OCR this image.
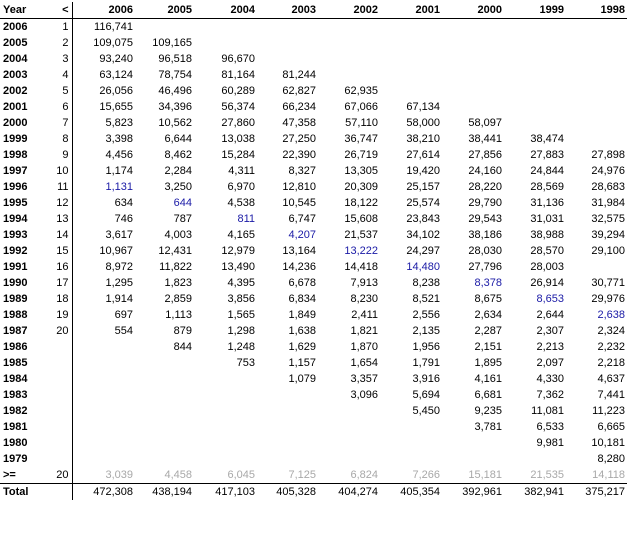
Year	<	2006	2005	2004	2003	2002	2001	2000	1999	1998
2006	1	116,741								
2005	2	109,075	109,165							
2004	3	93,240	96,518	96,670						
2003	4	63,124	78,754	81,164	81,244					
2002	5	26,056	46,496	60,289	62,827	62,935				
2001	6	15,655	34,396	56,374	66,234	67,066	67,134			
2000	7	5,823	10,562	27,860	47,358	57,110	58,000	58,097		
1999	8	3,398	6,644	13,038	27,250	36,747	38,210	38,441	38,474	
1998	9	4,456	8,462	15,284	22,390	26,719	27,614	27,856	27,883	27,898
1997	10	1,174	2,284	4,311	8,327	13,305	19,420	24,160	24,844	24,976
1996	11	1,131	3,250	6,970	12,810	20,309	25,157	28,220	28,569	28,683
1995	12	634	644	4,538	10,545	18,122	25,574	29,790	31,136	31,984
1994	13	746	787	811	6,747	15,608	23,843	29,543	31,031	32,575
1993	14	3,617	4,003	4,165	4,207	21,537	34,102	38,186	38,988	39,294
1992	15	10,967	12,431	12,979	13,164	13,222	24,297	28,030	28,570	29,100
1991	16	8,972	11,822	13,490	14,236	14,418	14,480	27,796	28,003	
1990	17	1,295	1,823	4,395	6,678	7,913	8,238	8,378	26,914	30,771
1989	18	1,914	2,859	3,856	6,834	8,230	8,521	8,675	8,653	29,976
1988	19	697	1,113	1,565	1,849	2,411	2,556	2,634	2,644	2,638
1987	20	554	879	1,298	1,638	1,821	2,135	2,287	2,307	2,324
1986			844	1,248	1,629	1,870	1,956	2,151	2,213	2,232
1985				753	1,157	1,654	1,791	1,895	2,097	2,218
1984					1,079	3,357	3,916	4,161	4,330	4,637
1983						3,096	5,694	6,681	7,362	7,441
1982							5,450	9,235	11,081	11,223
1981								3,781	6,533	6,665
1980									9,981	10,181
1979										8,280
>=	20	3,039	4,458	6,045	7,125	6,824	7,266	15,181	21,535	14,118
Total		472,308	438,194	417,103	405,328	404,274	405,354	392,961	382,941	375,217
